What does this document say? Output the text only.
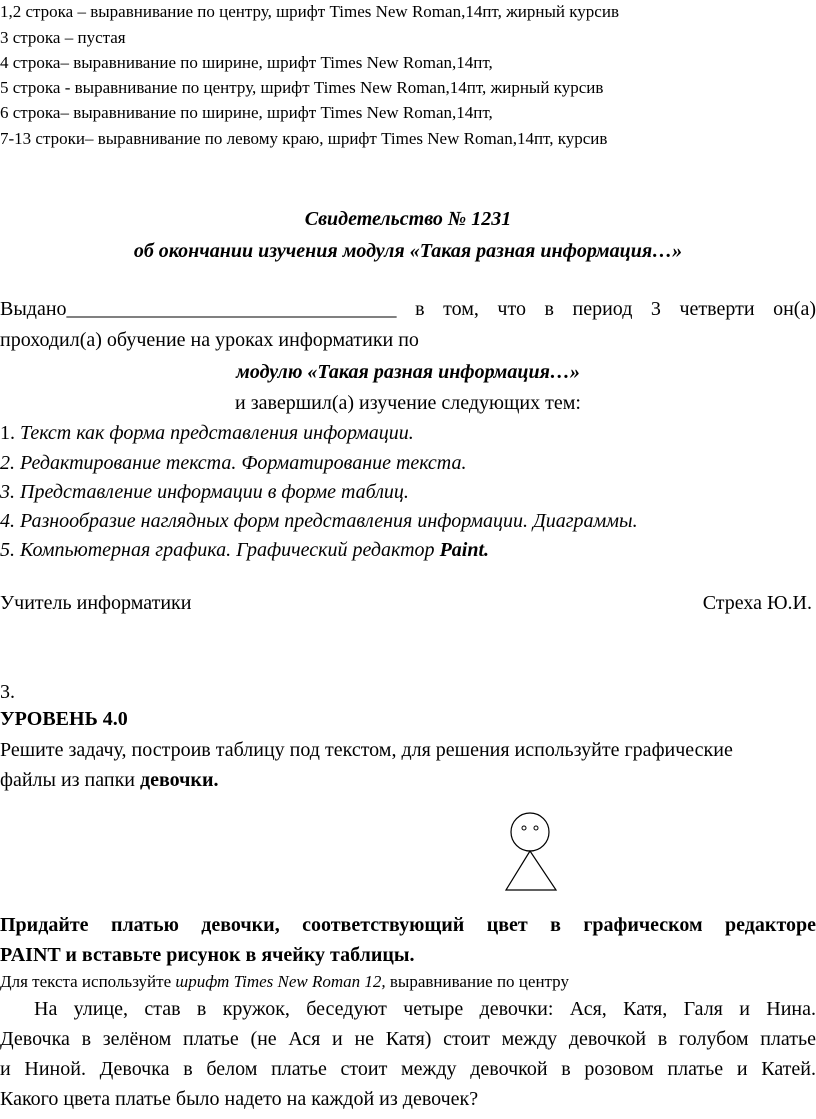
1,2 строка – выравнивание по центру, шрифт Times New Roman,14пт, жирный курсив
3 строка – пустая
4 строка– выравнивание по ширине, шрифт Times New Roman,14пт,
5 строка - выравнивание по центру, шрифт Times New Roman,14пт, жирный курсив
6 строка– выравнивание по ширине, шрифт Times New Roman,14пт,
7-13 строки– выравнивание по левому краю, шрифт Times New Roman,14пт, курсив
Свидетельство № 1231
об окончании изучения модуля «Такая разная информация…»
Выдано_________________________________ в том, что в период 3 четверти он(а)
проходил(а) обучение на уроках информатики по
модулю «Такая разная информация…»
и завершил(а) изучение следующих тем:
1. Текст как форма представления информации.
2. Редактирование текста. Форматирование текста.
3. Представление информации в форме таблиц.
4. Разнообразие наглядных форм представления информации. Диаграммы.
5. Компьютерная графика. Графический редактор Paint.
Учитель информатики	Стреха Ю.И.
3.
УРОВЕНЬ 4.0
Решите задачу, построив таблицу под текстом, для решения используйте графические
файлы из папки девочки.
Придайте платью девочки, соответствующий цвет в графическом редакторе
PAINT и вставьте рисунок в ячейку таблицы.
Для текста используйте шрифт Times New Roman 12, выравнивание по центру
На улице, став в кружок, беседуют четыре девочки: Ася, Катя, Галя и Нина.
Девочка в зелёном платье (не Ася и не Катя) стоит между девочкой в голубом платье
и Ниной. Девочка в белом платье стоит между девочкой в розовом платье и Катей.
Какого цвета платье было надето на каждой из девочек?
